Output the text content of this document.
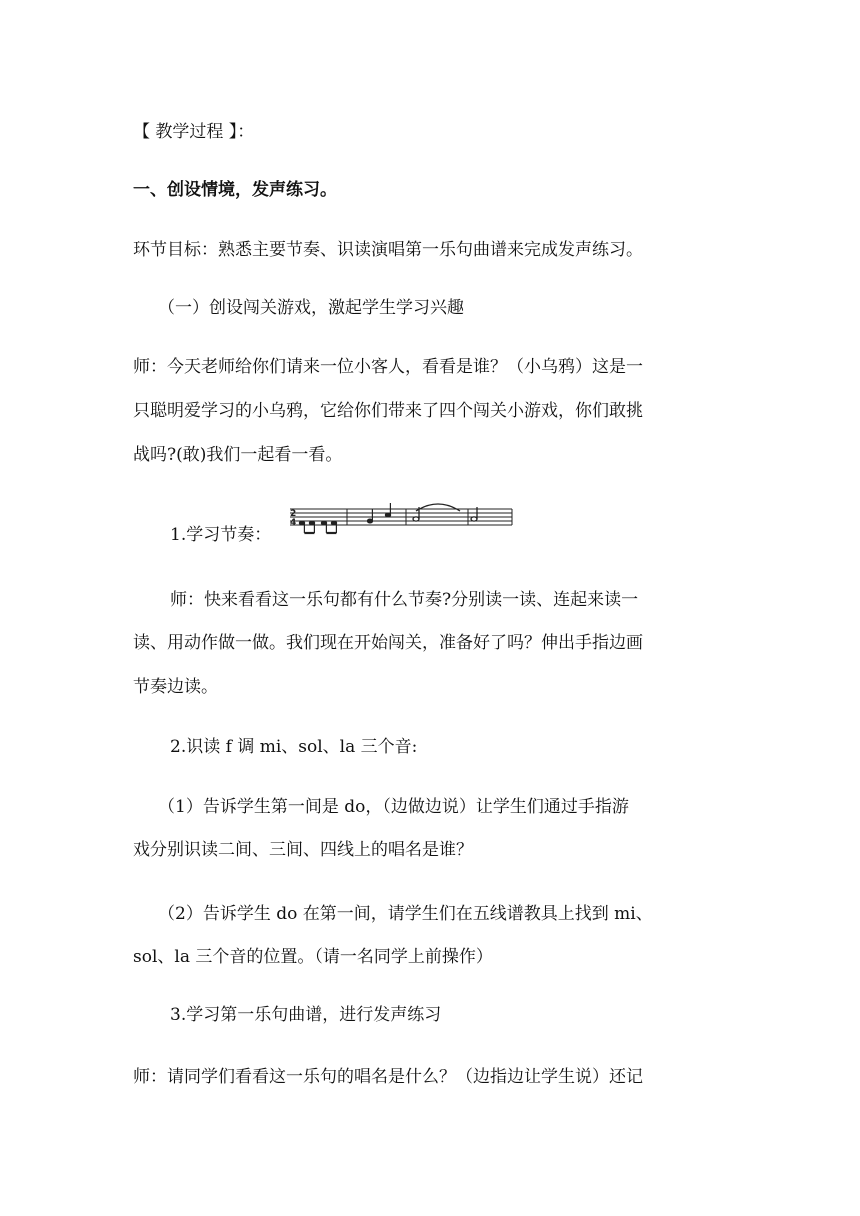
【 教学过程 】：
一、创设情境，发声练习。
环节目标：熟悉主要节奏、识读演唱第一乐句曲谱来完成发声练习。
（一）创设闯关游戏，激起学生学习兴趣
师：今天老师给你们请来一位小客人，看看是谁？（小乌鸦）这是一
只聪明爱学习的小乌鸦，它给你们带来了四个闯关小游戏，你们敢挑
战吗?(敢)我们一起看一看。
1.学习节奏：
2
4
师：快来看看这一乐句都有什么节奏?分别读一读、连起来读一
读、用动作做一做。我们现在开始闯关，准备好了吗？伸出手指边画
节奏边读。
2.识读 f 调 mi、sol、la 三个音:
（1）告诉学生第一间是 do，（边做边说）让学生们通过手指游
戏分别识读二间、三间、四线上的唱名是谁？
（2）告诉学生 do 在第一间，请学生们在五线谱教具上找到 mi、
sol、la 三个音的位置。（请一名同学上前操作）
3.学习第一乐句曲谱，进行发声练习
师：请同学们看看这一乐句的唱名是什么？（边指边让学生说）还记
